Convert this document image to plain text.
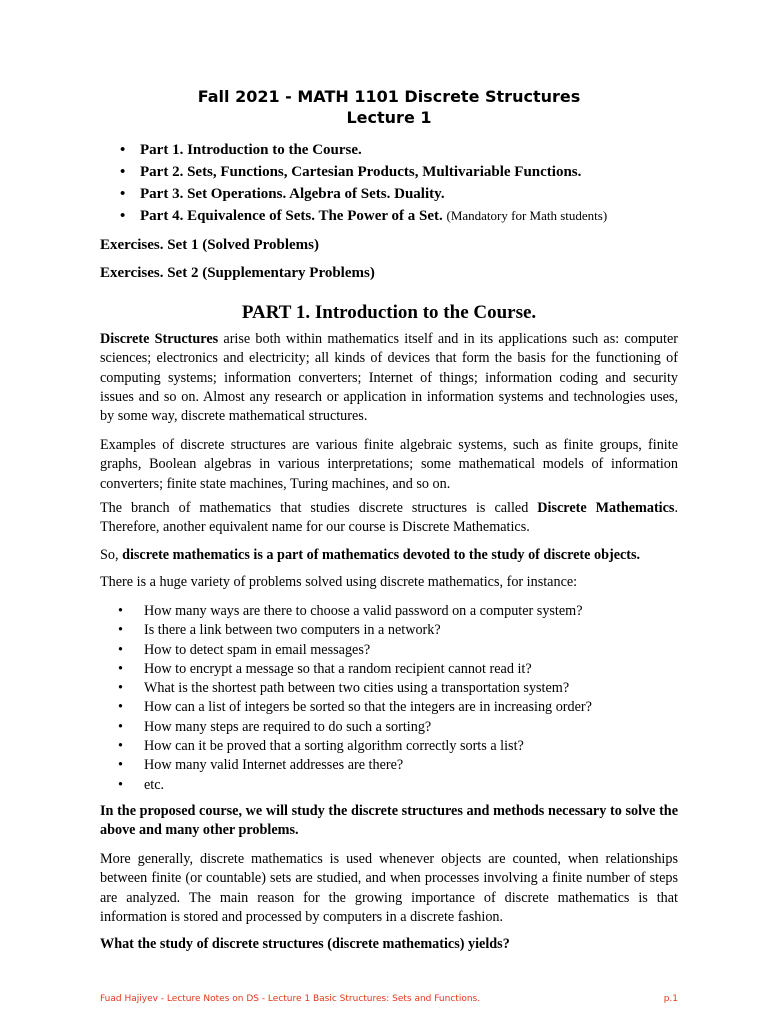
Fall 2021 - MATH 1101 Discrete Structures
Lecture 1
• Part 1. Introduction to the Course.
• Part 2. Sets, Functions, Cartesian Products, Multivariable Functions.
• Part 3. Set Operations. Algebra of Sets. Duality.
• Part 4. Equivalence of Sets. The Power of a Set. (Mandatory for Math students)
Exercises. Set 1 (Solved Problems)
Exercises. Set 2 (Supplementary Problems)
PART 1. Introduction to the Course.

Discrete Structures arise both within mathematics itself and in its applications such as: computer sciences; electronics and electricity; all kinds of devices that form the basis for the functioning of computing systems; information converters; Internet of things; information coding and security issues and so on. Almost any research or application in information systems and technologies uses, by some way, discrete mathematical structures.

Examples of discrete structures are various finite algebraic systems, such as finite groups, finite graphs, Boolean algebras in various interpretations; some mathematical models of information converters; finite state machines, Turing machines, and so on.

The branch of mathematics that studies discrete structures is called Discrete Mathematics. Therefore, another equivalent name for our course is Discrete Mathematics.

So, discrete mathematics is a part of mathematics devoted to the study of discrete objects.

There is a huge variety of problems solved using discrete mathematics, for instance:

• How many ways are there to choose a valid password on a computer system?
• Is there a link between two computers in a network?
• How to detect spam in email messages?
• How to encrypt a message so that a random recipient cannot read it?
• What is the shortest path between two cities using a transportation system?
• How can a list of integers be sorted so that the integers are in increasing order?
• How many steps are required to do such a sorting?
• How can it be proved that a sorting algorithm correctly sorts a list?
• How many valid Internet addresses are there?
• etc.

In the proposed course, we will study the discrete structures and methods necessary to solve the above and many other problems.

More generally, discrete mathematics is used whenever objects are counted, when relationships between finite (or countable) sets are studied, and when processes involving a finite number of steps are analyzed. The main reason for the growing importance of discrete mathematics is that information is stored and processed by computers in a discrete fashion.

What the study of discrete structures (discrete mathematics) yields?

Fuad Hajiyev - Lecture Notes on DS - Lecture 1 Basic Structures: Sets and Functions.	p.1
